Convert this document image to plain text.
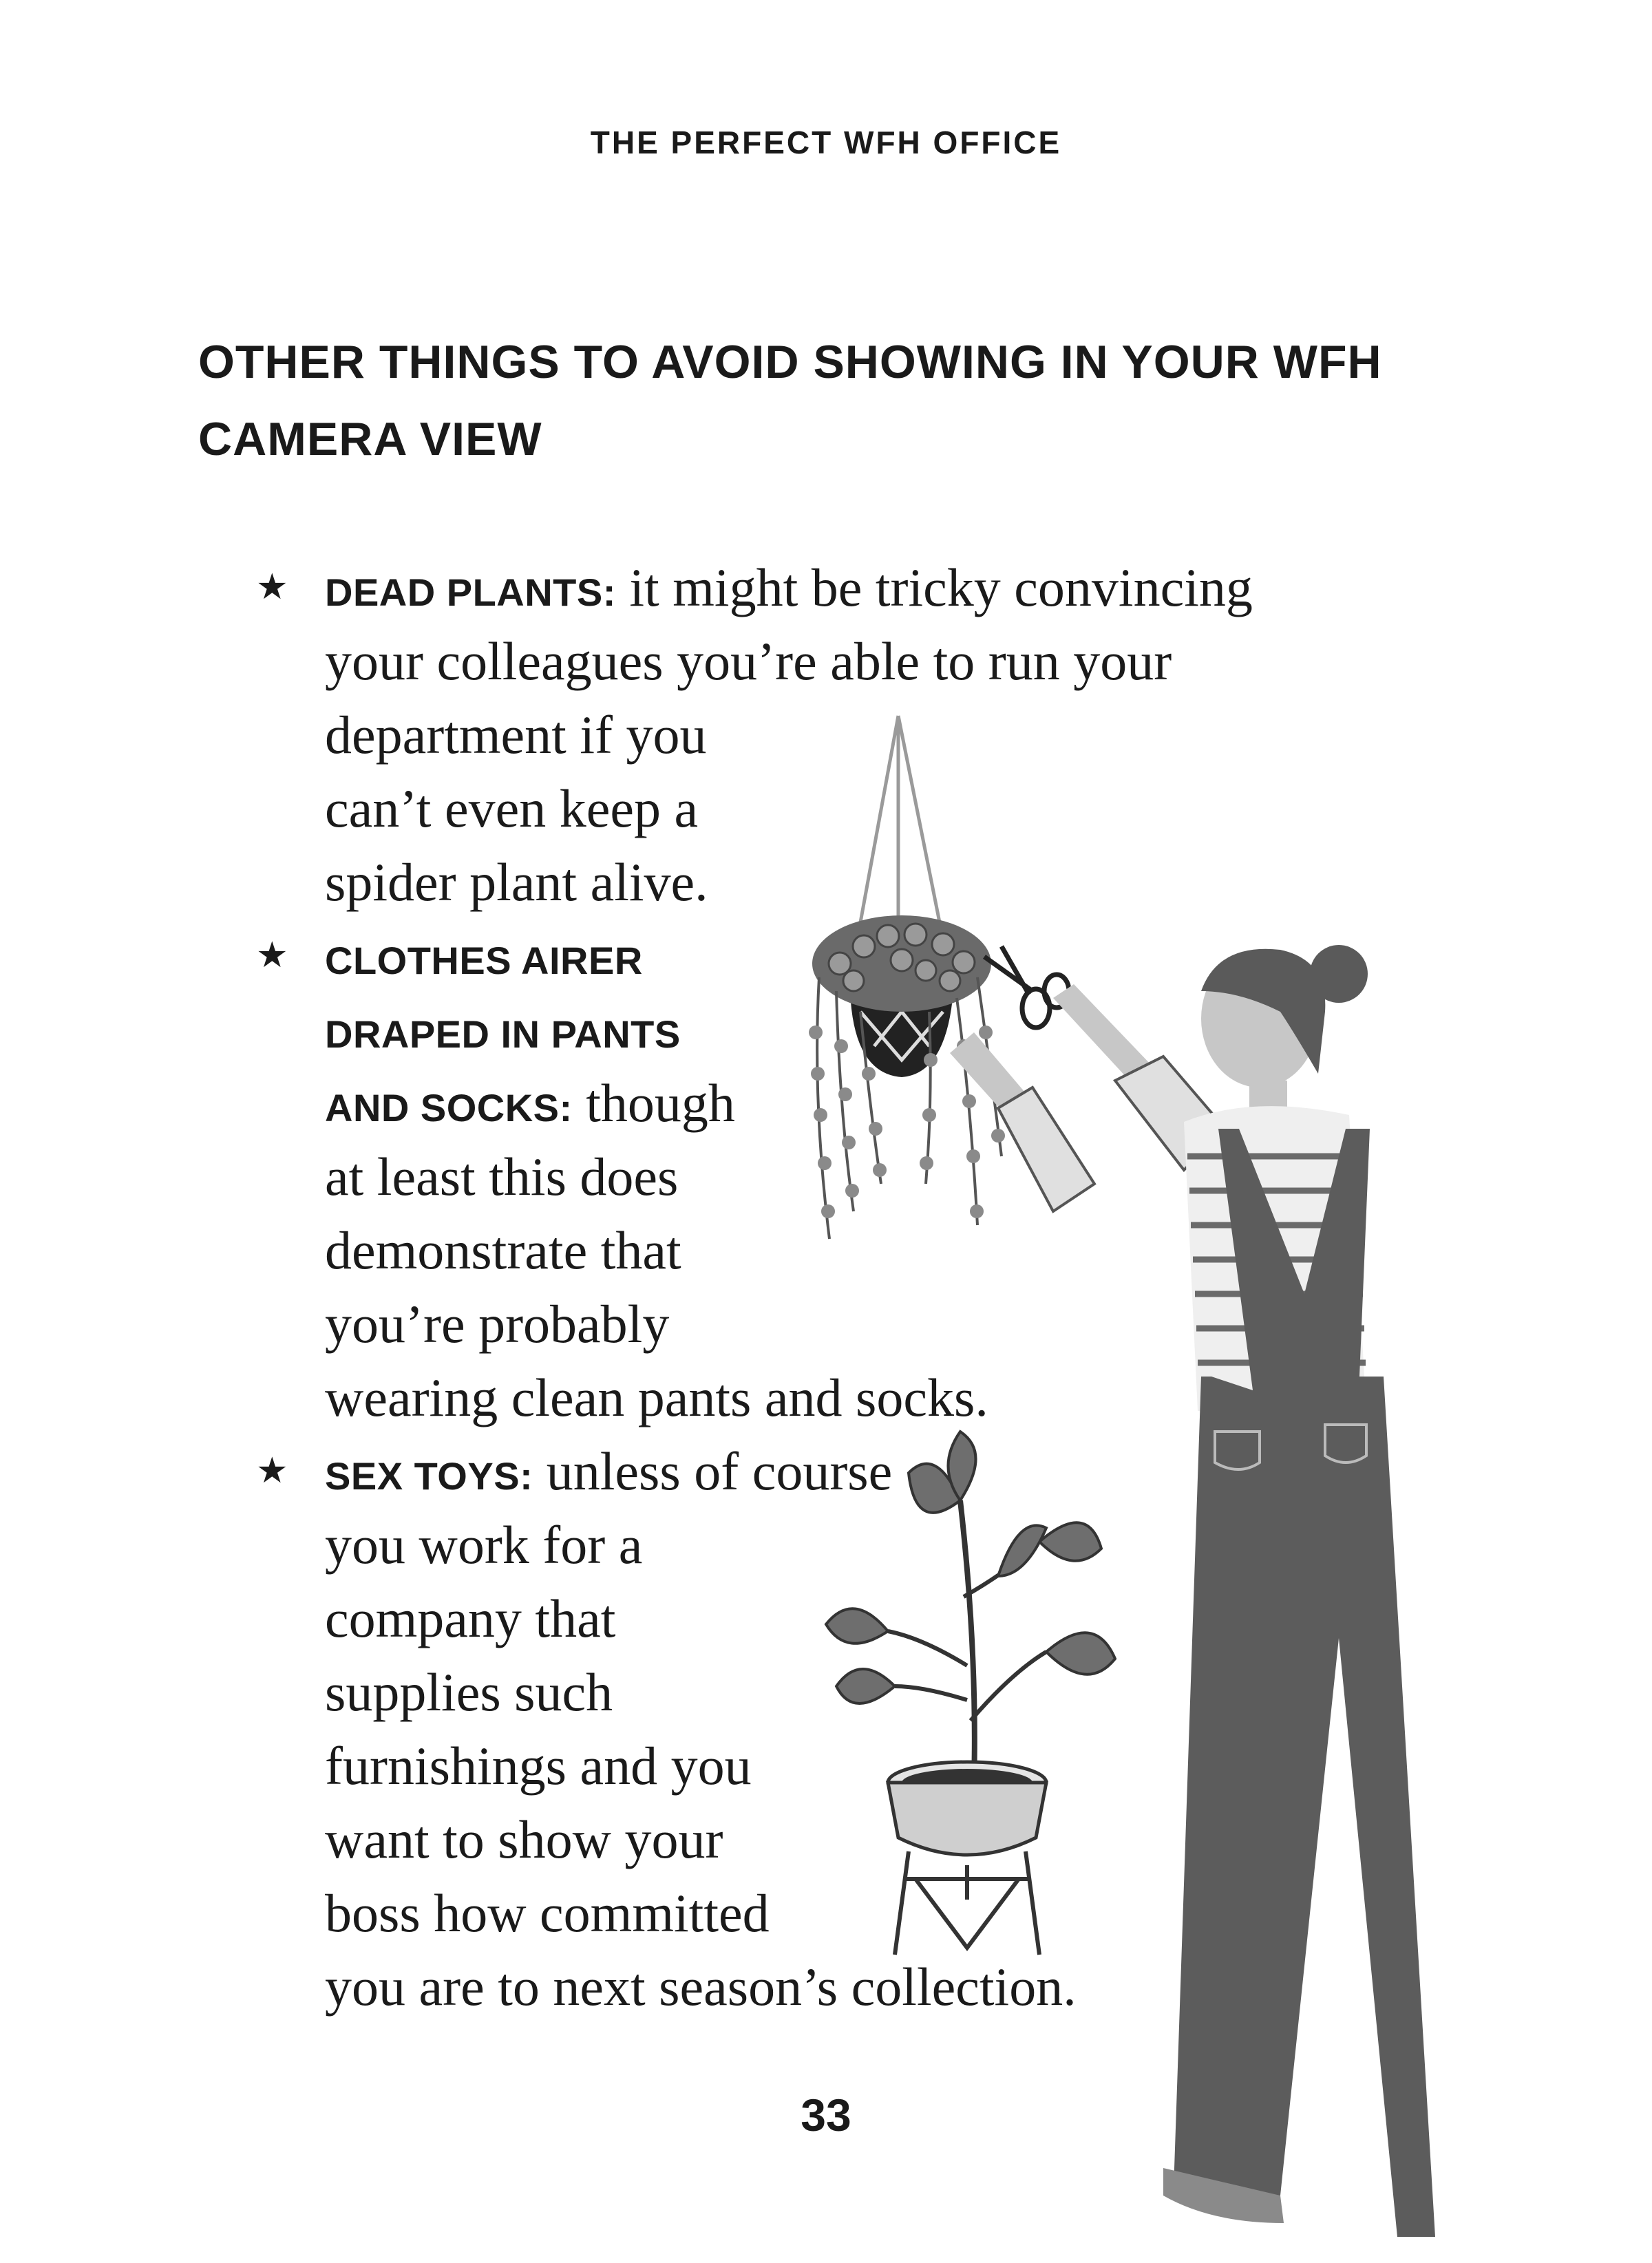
THE PERFECT WFH OFFICE
OTHER THINGS TO AVOID SHOWING IN YOUR WFH
CAMERA VIEW
★ DEAD PLANTS: it might be tricky convincing
your colleagues you’re able to run your
department if you
can’t even keep a
spider plant alive.
★ CLOTHES AIRER
DRAPED IN PANTS
AND SOCKS: though
at least this does
demonstrate that
you’re probably
wearing clean pants and socks.
★ SEX TOYS: unless of course
you work for a
company that
supplies such
furnishings and you
want to show your
boss how committed
you are to next season’s collection.
33
